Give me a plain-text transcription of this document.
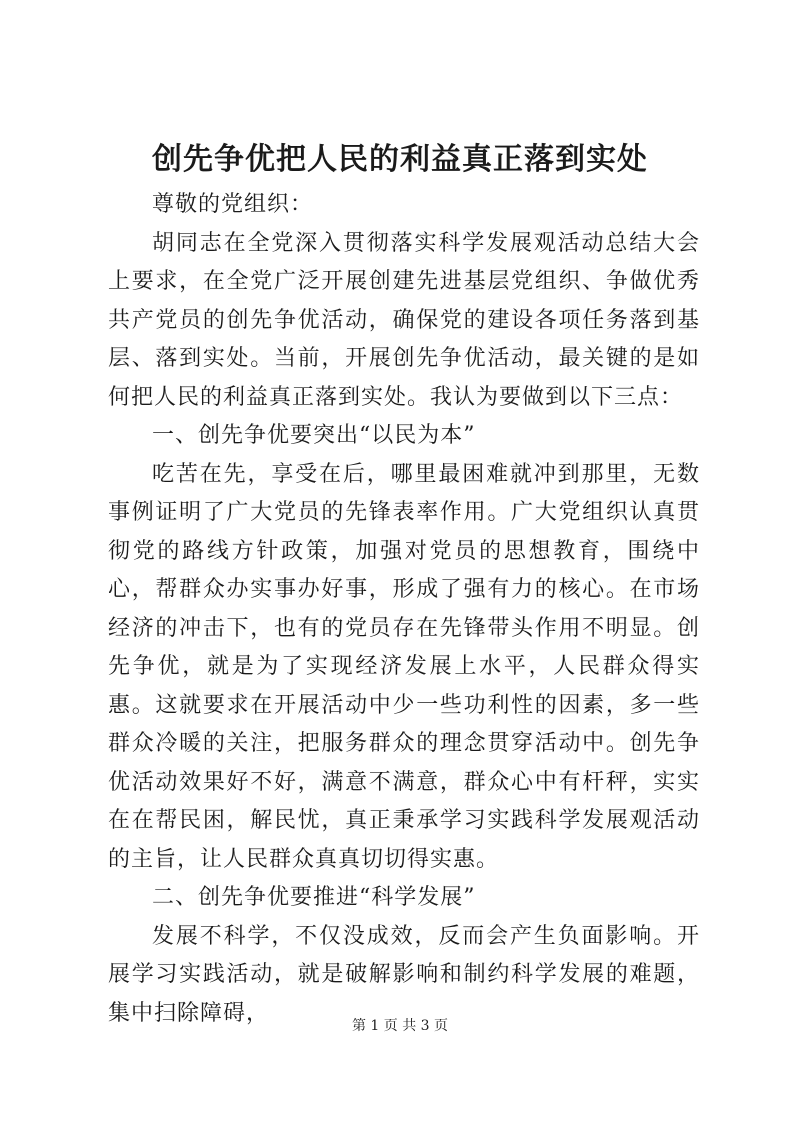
创先争优把人民的利益真正落到实处

尊敬的党组织：

胡同志在全党深入贯彻落实科学发展观活动总结大会上要求，在全党广泛开展创建先进基层党组织、争做优秀共产党员的创先争优活动，确保党的建设各项任务落到基层、落到实处。当前，开展创先争优活动，最关键的是如何把人民的利益真正落到实处。我认为要做到以下三点：

一、创先争优要突出“以民为本”

吃苦在先，享受在后，哪里最困难就冲到那里，无数事例证明了广大党员的先锋表率作用。广大党组织认真贯彻党的路线方针政策，加强对党员的思想教育，围绕中心，帮群众办实事办好事，形成了强有力的核心。在市场经济的冲击下，也有的党员存在先锋带头作用不明显。创先争优，就是为了实现经济发展上水平，人民群众得实惠。这就要求在开展活动中少一些功利性的因素，多一些群众冷暖的关注，把服务群众的理念贯穿活动中。创先争优活动效果好不好，满意不满意，群众心中有杆秤，实实在在帮民困，解民忧，真正秉承学习实践科学发展观活动的主旨，让人民群众真真切切得实惠。

二、创先争优要推进“科学发展”

发展不科学，不仅没成效，反而会产生负面影响。开展学习实践活动，就是破解影响和制约科学发展的难题，集中扫除障碍，

第 1 页 共 3 页
